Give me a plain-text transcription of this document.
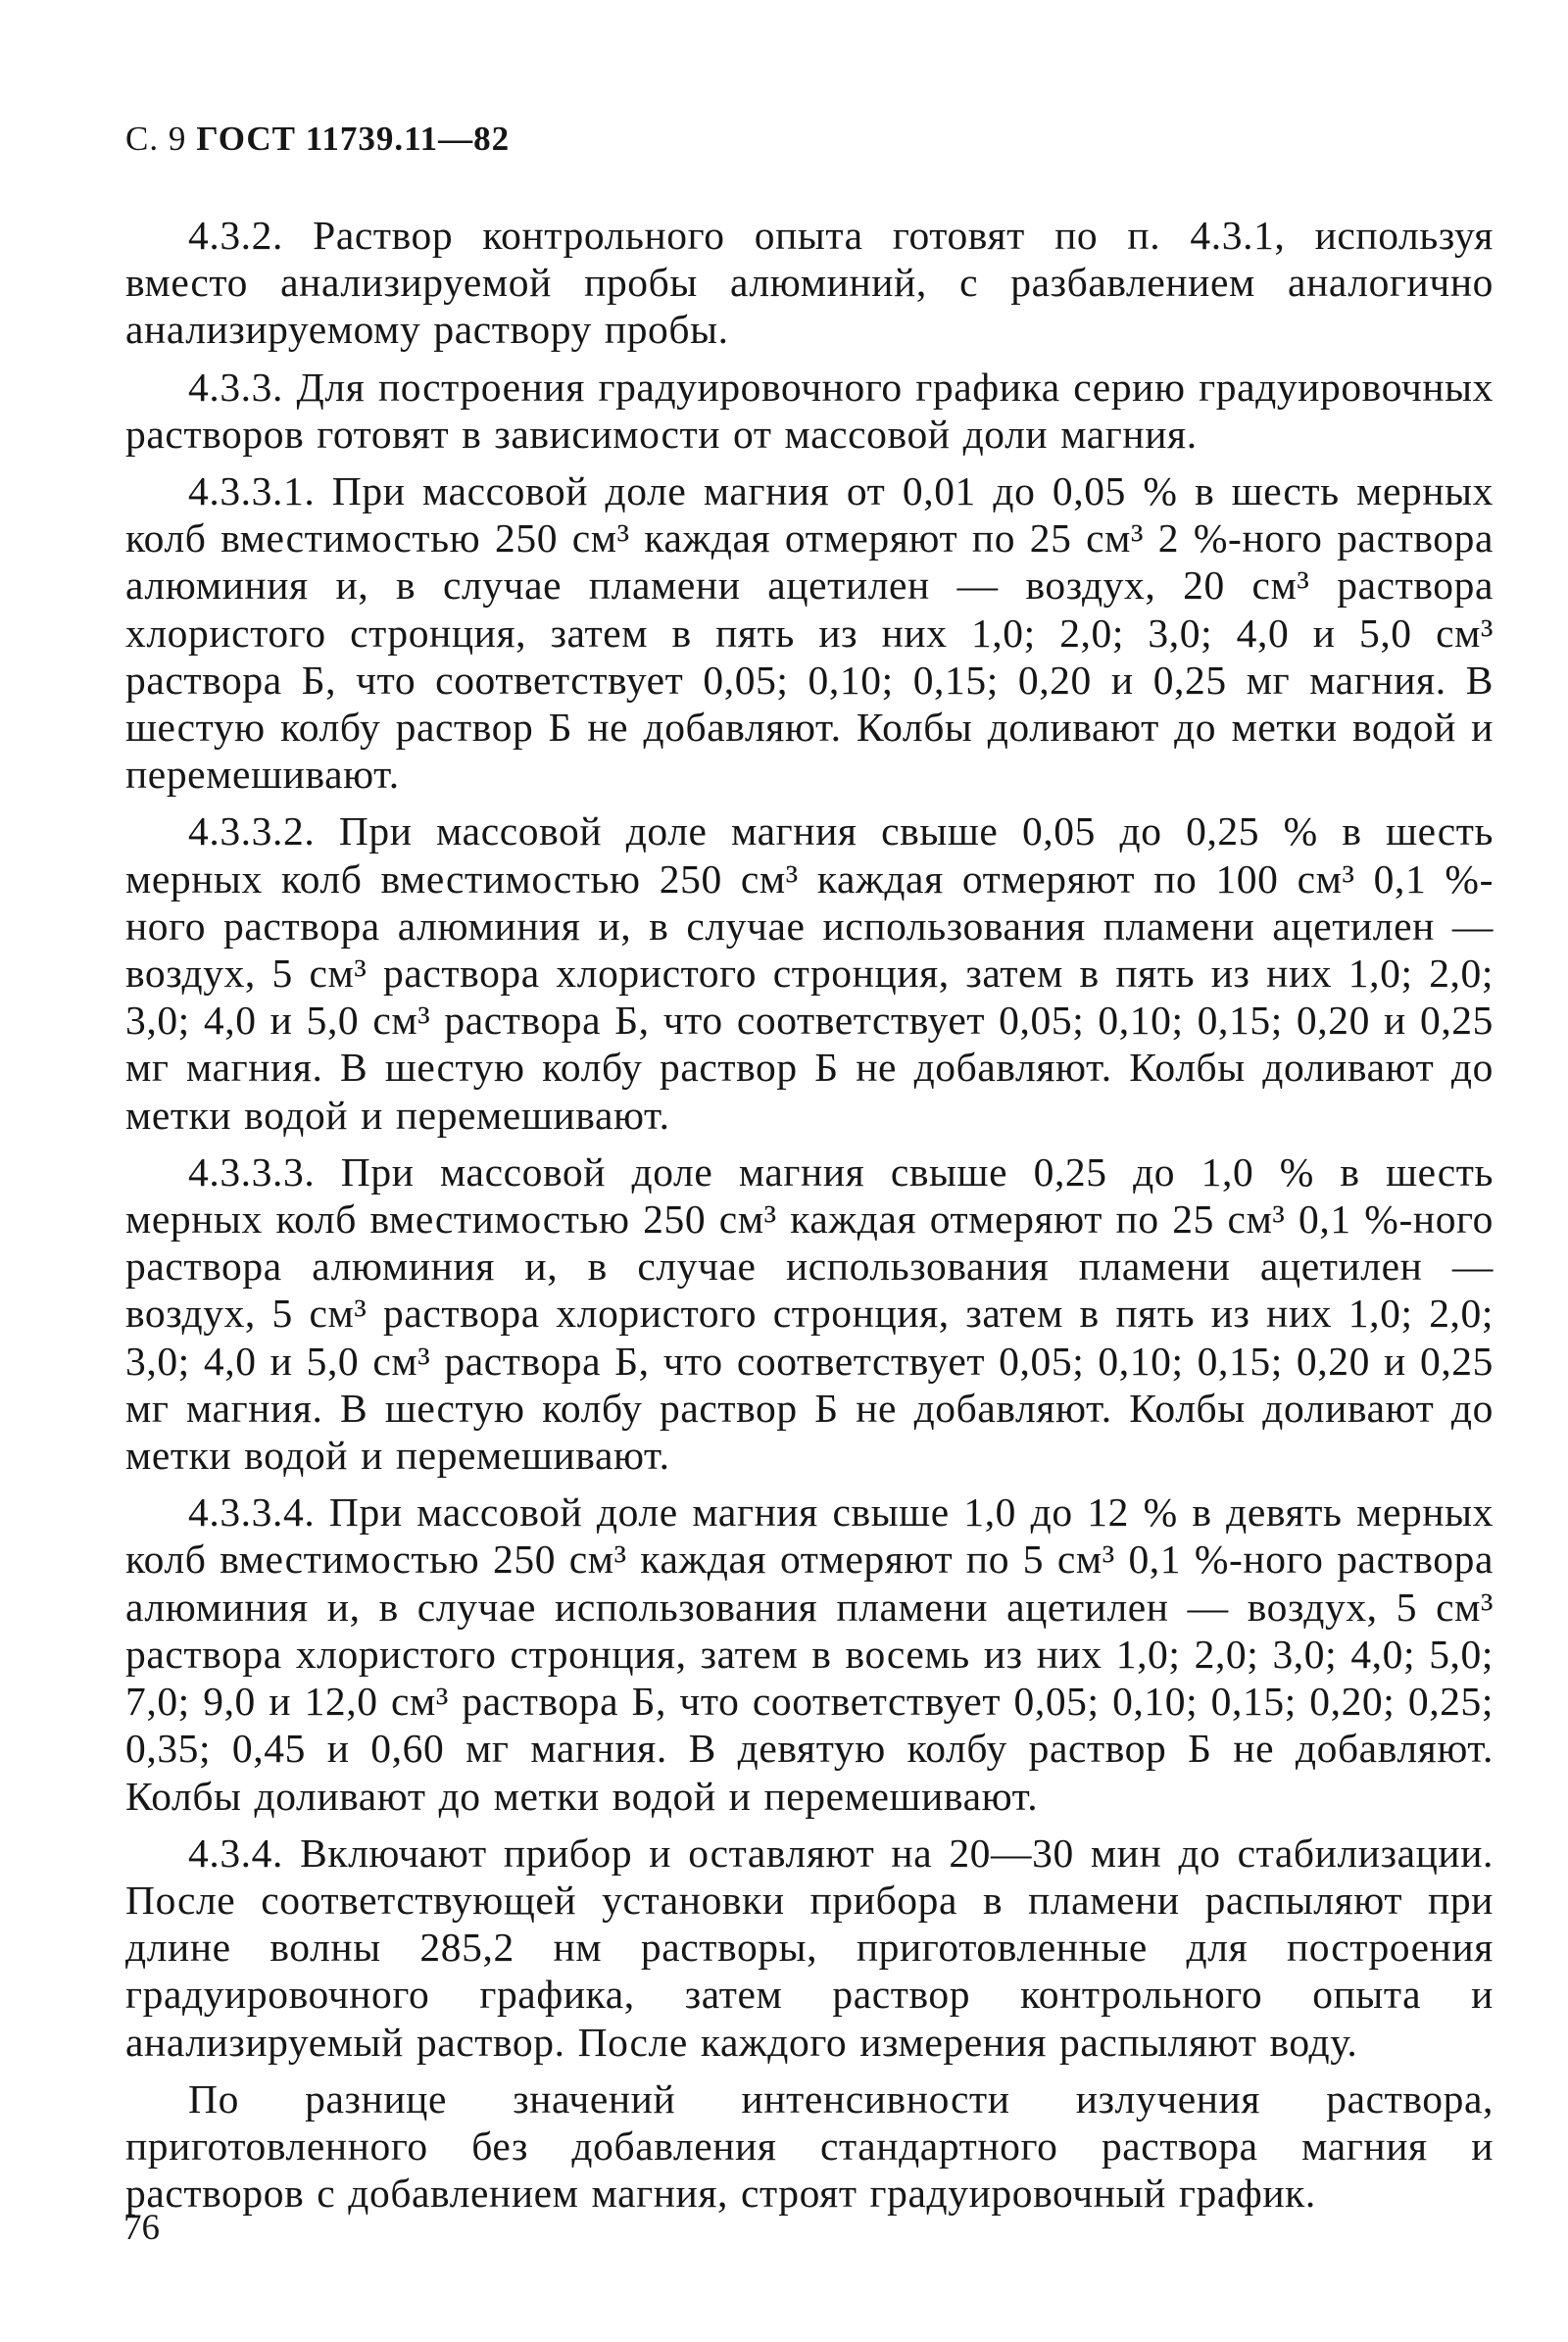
С. 9 ГОСТ 11739.11—82

4.3.2. Раствор контрольного опыта готовят по п. 4.3.1, используя вместо анализируемой пробы алюминий, с разбавлением аналогично анализируемому раствору пробы.

4.3.3. Для построения градуировочного графика серию градуировочных растворов готовят в зависимости от массовой доли магния.

4.3.3.1. При массовой доле магния от 0,01 до 0,05 % в шесть мерных колб вместимостью 250 см³ каждая отмеряют по 25 см³ 2 %-ного раствора алюминия и, в случае пламени ацетилен — воздух, 20 см³ раствора хлористого стронция, затем в пять из них 1,0; 2,0; 3,0; 4,0 и 5,0 см³ раствора Б, что соответствует 0,05; 0,10; 0,15; 0,20 и 0,25 мг магния. В шестую колбу раствор Б не добавляют. Колбы доливают до метки водой и перемешивают.

4.3.3.2. При массовой доле магния свыше 0,05 до 0,25 % в шесть мерных колб вместимостью 250 см³ каждая отмеряют по 100 см³ 0,1 %-ного раствора алюминия и, в случае использования пламени ацетилен — воздух, 5 см³ раствора хлористого стронция, затем в пять из них 1,0; 2,0; 3,0; 4,0 и 5,0 см³ раствора Б, что соответствует 0,05; 0,10; 0,15; 0,20 и 0,25 мг магния. В шестую колбу раствор Б не добавляют. Колбы доливают до метки водой и перемешивают.

4.3.3.3. При массовой доле магния свыше 0,25 до 1,0 % в шесть мерных колб вместимостью 250 см³ каждая отмеряют по 25 см³ 0,1 %-ного раствора алюминия и, в случае использования пламени ацетилен — воздух, 5 см³ раствора хлористого стронция, затем в пять из них 1,0; 2,0; 3,0; 4,0 и 5,0 см³ раствора Б, что соответствует 0,05; 0,10; 0,15; 0,20 и 0,25 мг магния. В шестую колбу раствор Б не добавляют. Колбы доливают до метки водой и перемешивают.

4.3.3.4. При массовой доле магния свыше 1,0 до 12 % в девять мерных колб вместимостью 250 см³ каждая отмеряют по 5 см³ 0,1 %-ного раствора алюминия и, в случае использования пламени ацетилен — воздух, 5 см³ раствора хлористого стронция, затем в восемь из них 1,0; 2,0; 3,0; 4,0; 5,0; 7,0; 9,0 и 12,0 см³ раствора Б, что соответствует 0,05; 0,10; 0,15; 0,20; 0,25; 0,35; 0,45 и 0,60 мг магния. В девятую колбу раствор Б не добавляют. Колбы доливают до метки водой и перемешивают.

4.3.4. Включают прибор и оставляют на 20—30 мин до стабилизации. После соответствующей установки прибора в пламени распыляют при длине волны 285,2 нм растворы, приготовленные для построения градуировочного графика, затем раствор контрольного опыта и анализируемый раствор. После каждого измерения распыляют воду.

По разнице значений интенсивности излучения раствора, приготовленного без добавления стандартного раствора магния и растворов с добавлением магния, строят градуировочный график.

76
